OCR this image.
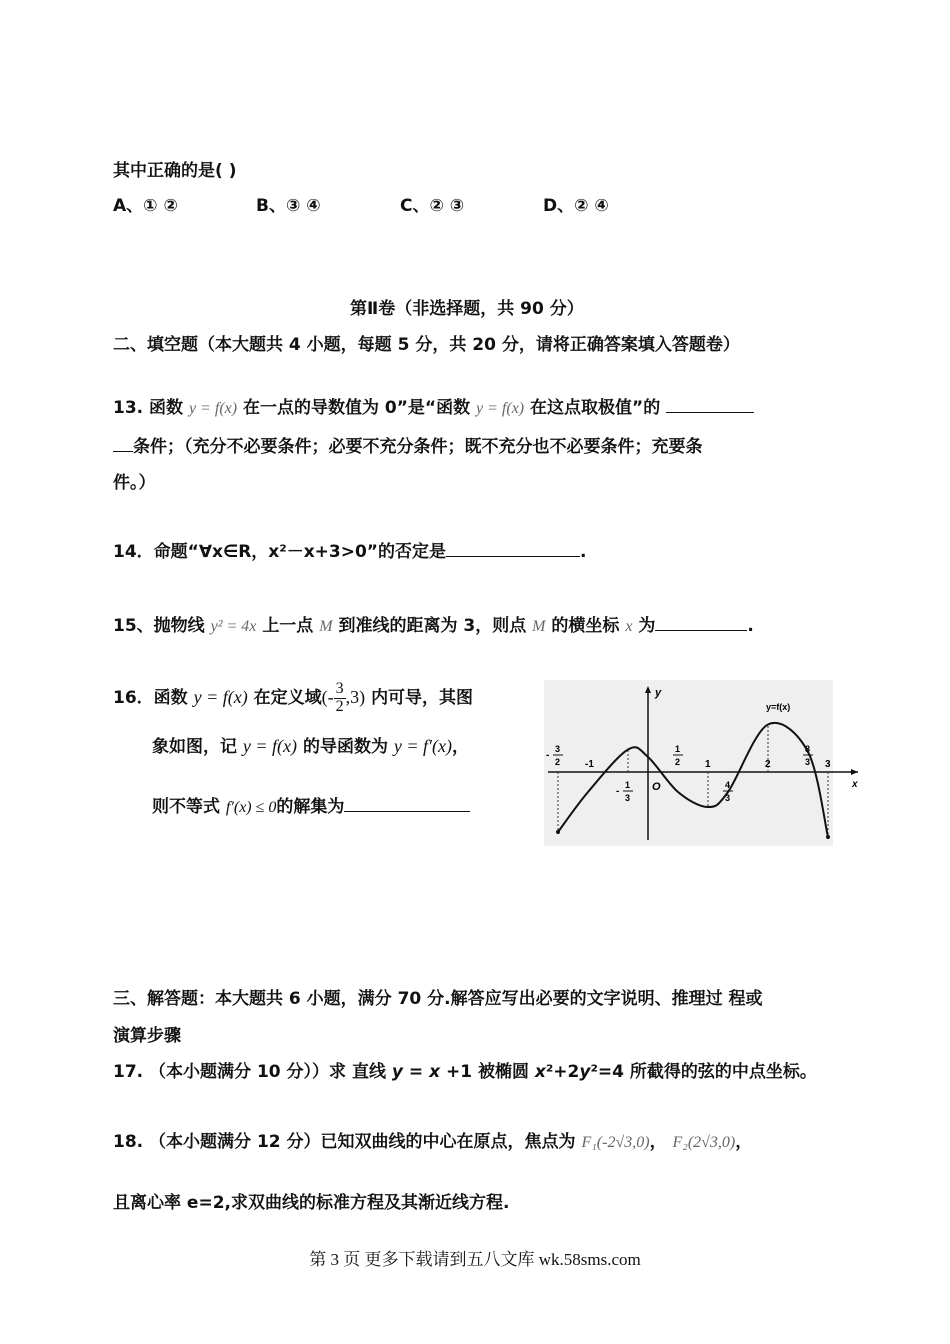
其中正确的是( )
A、① ②	B、③ ④	C、② ③	D、② ④
第Ⅱ卷（非选择题，共 90 分）
二、填空题（本大题共 4 小题，每题 5 分，共 20 分，请将正确答案填入答题卷）
13. 函数 y = f(x) 在一点的导数值为 0”是“函数 y = f(x) 在这点取极值”的
条件；（充分不必要条件；必要不充分条件；既不充分也不必要条件；充要条
件。）
14．命题“∀x∈R，x²－x+3>0”的否定是	.
15、抛物线 y² = 4x 上一点 M 到准线的距离为 3，则点 M 的横坐标 x 为	.
16．函数 y = f(x) 在定义域(- $\frac{3}{2} ,3$) 内可导，其图
象如图，记 y = f(x) 的导函数为 y = f′(x)，
则不等式 f′(x) ≤ 0的解集为
y
x
y=f(x)
O
-
3
2 -1
1
2 1	2
8
3 3
-
1
3
4
3
三、解答题：本大题共 6 小题，满分 70 分.解答应写出必要的文字说明、推理过 程或
演算步骤
17. （本小题满分 10 分））求 直线 y = x +1 被椭圆 x²+2y²=4 所截得的弦的中点坐标。
18. （本小题满分 12 分）已知双曲线的中心在原点，焦点为 F₁(-2√3,0)， F₂(2√3,0)，
且离心率 e=2,求双曲线的标准方程及其渐近线方程.
第 3 页 更多下载请到五八文库 wk.58sms.com
